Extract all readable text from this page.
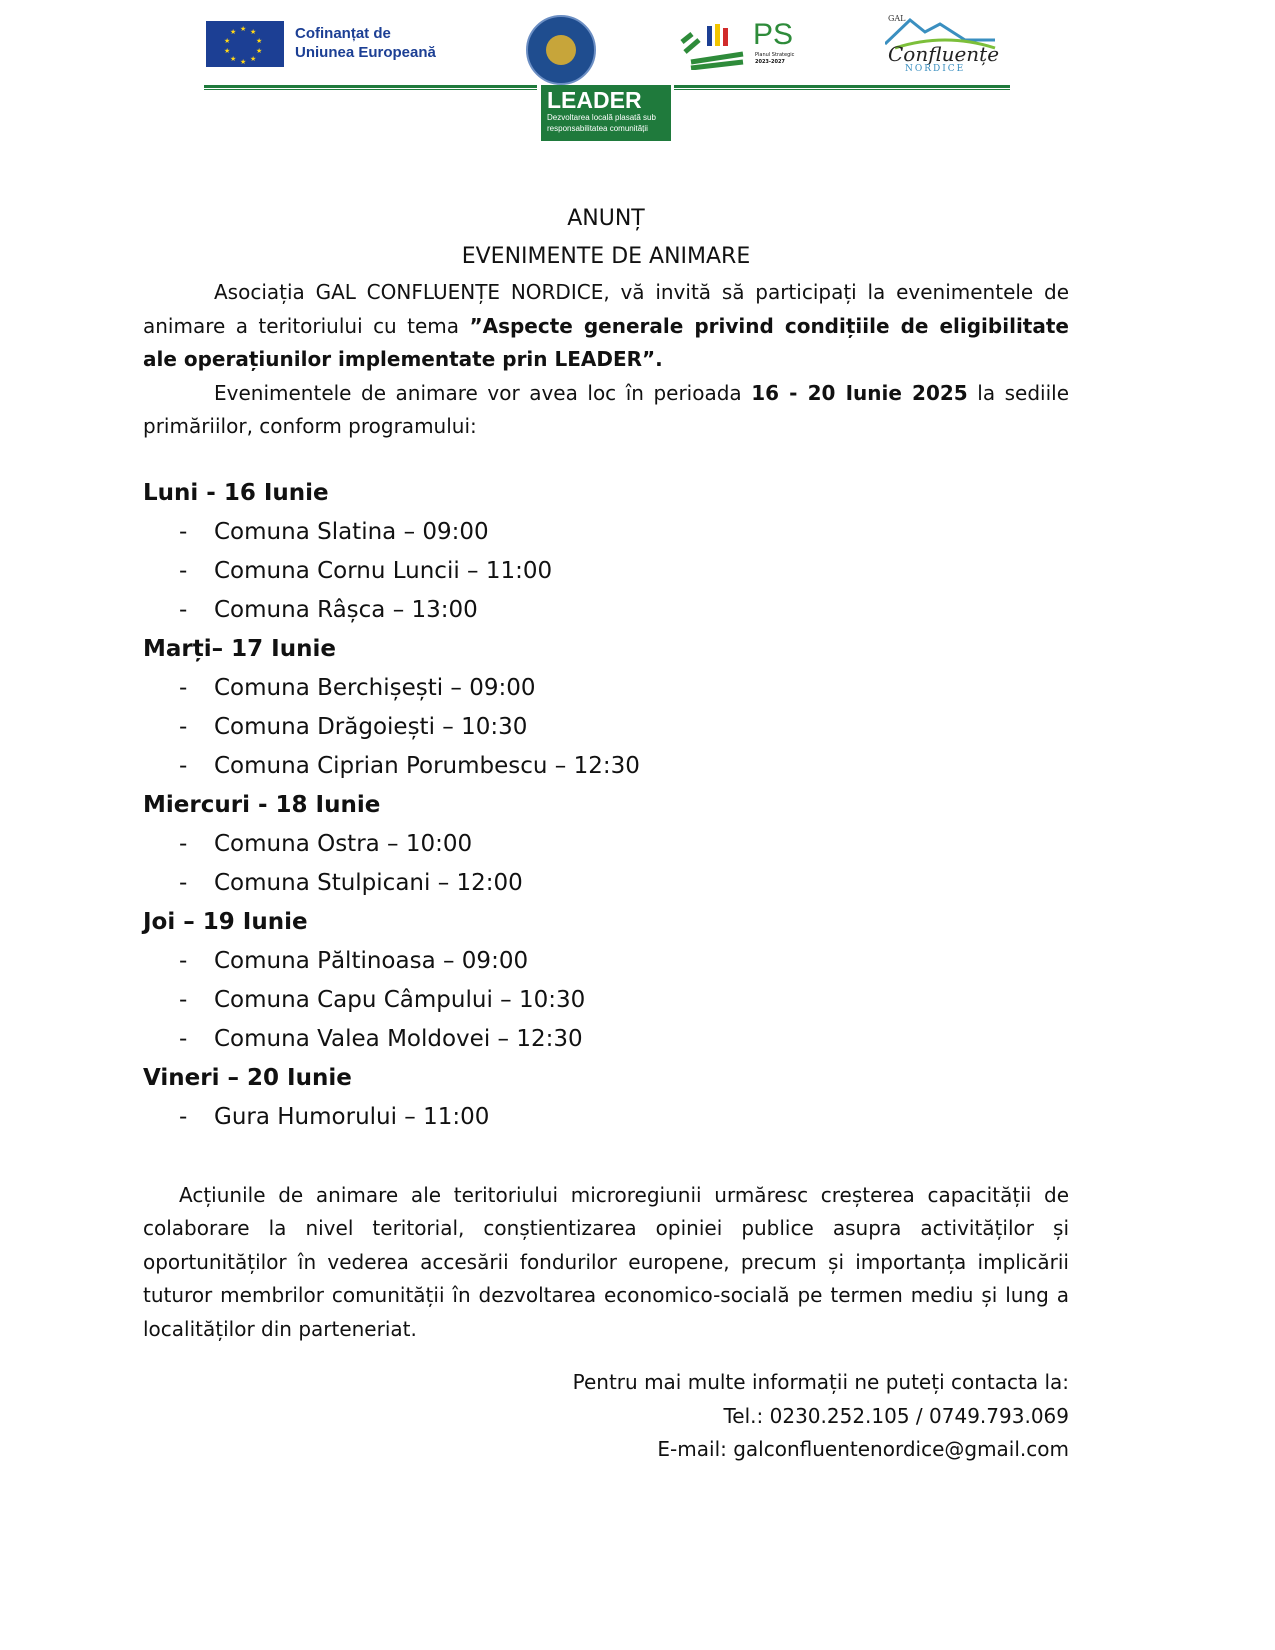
★ ★
★
★
★
★
★
★
★
★	Cofinanțat de
Uniunea Europeană
PS
Planul Strategic
2023-2027
GAL
Confluențe
NORDICE
LEADER
Dezvoltarea locală plasată sub responsabilitatea comunității
ANUNȚ
EVENIMENTE DE ANIMARE

Asociația GAL CONFLUENȚE NORDICE, vă invită să participați la evenimentele de animare a teritoriului cu tema ”Aspecte generale privind condițiile de eligibilitate ale operațiunilor implementate prin LEADER”.

Evenimentele de animare vor avea loc în perioada 16 - 20 Iunie 2025 la sediile primăriilor, conform programului:

Luni - 16 Iunie
- Comuna Slatina – 09:00
- Comuna Cornu Luncii – 11:00
- Comuna Râșca – 13:00
Marți– 17 Iunie
- Comuna Berchișești – 09:00
- Comuna Drăgoiești – 10:30
- Comuna Ciprian Porumbescu – 12:30
Miercuri - 18 Iunie
- Comuna Ostra – 10:00
- Comuna Stulpicani – 12:00
Joi – 19 Iunie
- Comuna Păltinoasa – 09:00
- Comuna Capu Câmpului – 10:30
- Comuna Valea Moldovei – 12:30
Vineri – 20 Iunie
- Gura Humorului – 11:00

Acțiunile de animare ale teritoriului microregiunii urmăresc creșterea capacității de colaborare la nivel teritorial, conștientizarea opiniei publice asupra activităților și oportunităților în vederea accesării fondurilor europene, precum și importanța implicării tuturor membrilor comunității în dezvoltarea economico-socială pe termen mediu și lung a localităților din parteneriat.

Pentru mai multe informații ne puteți contacta la:
Tel.: 0230.252.105 / 0749.793.069
E-mail: galconfluentenordice@gmail.com
